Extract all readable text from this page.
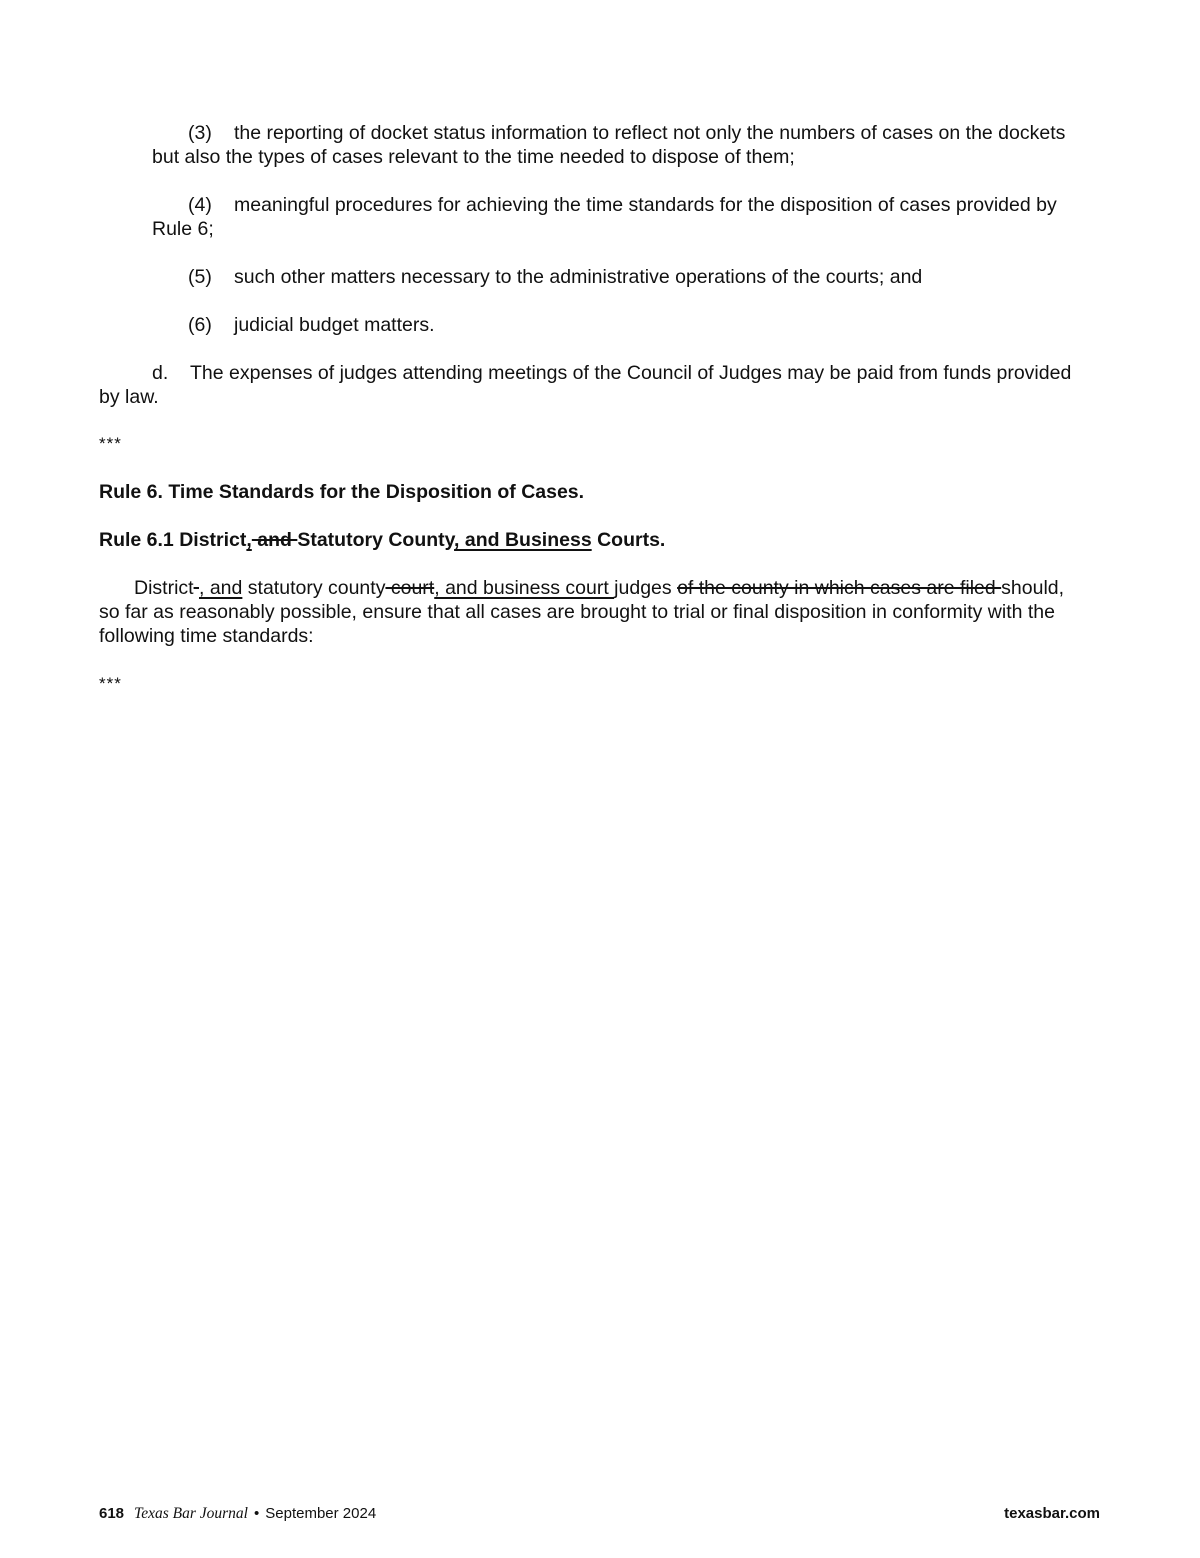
(3) the reporting of docket status information to reflect not only the numbers of cases on the dockets
but also the types of cases relevant to the time needed to dispose of them;
(4) meaningful procedures for achieving the time standards for the disposition of cases provided by
Rule 6;
(5) such other matters necessary to the administrative operations of the courts; and
(6) judicial budget matters.
d. The expenses of judges attending meetings of the Council of Judges may be paid from funds provided
by law.
***
Rule 6. Time Standards for the Disposition of Cases.
Rule 6.1 District, and Statutory County, and Business Courts.
District , and statutory county court, and business court judges of the county in which cases are filed should,
so far as reasonably possible, ensure that all cases are brought to trial or final disposition in conformity with the
following time standards:
***
618 Texas Bar Journal • September 2024	texasbar.com
